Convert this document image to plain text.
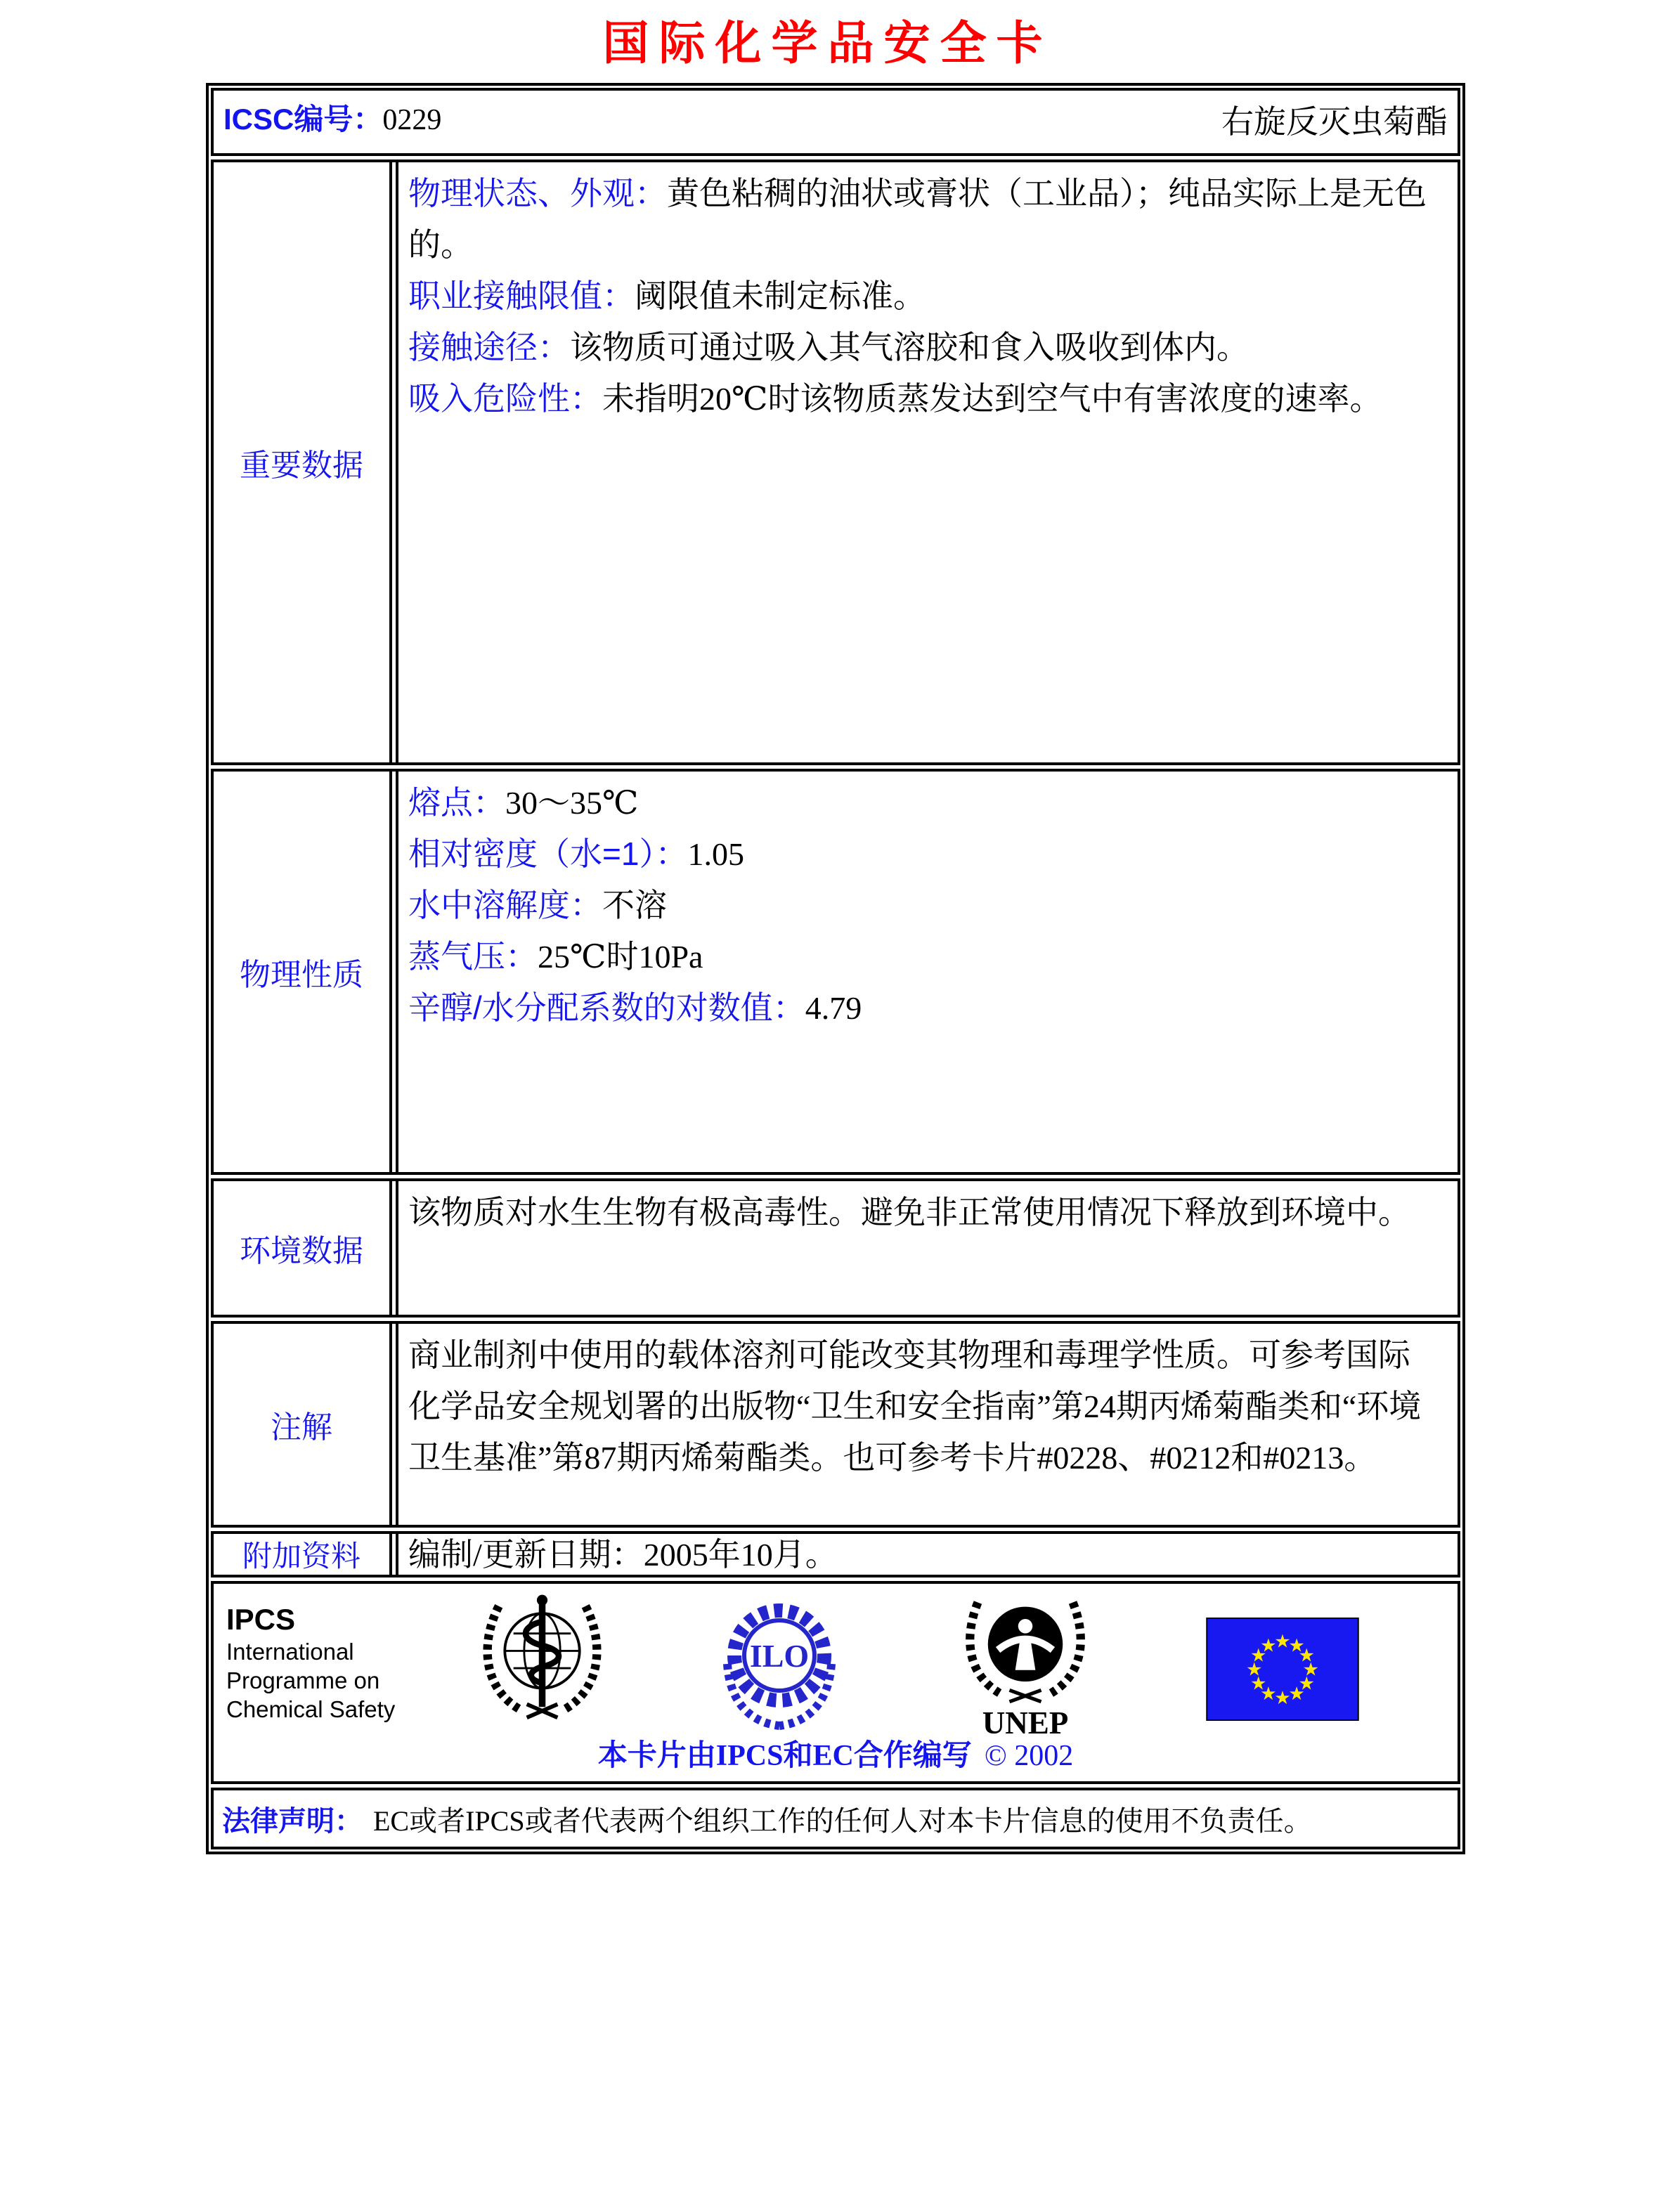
国际化学品安全卡
ICSC编号：0229	右旋反灭虫菊酯
重要数据
物理状态、外观：黄色粘稠的油状或膏状（工业品）；纯品实际上是无色的。
职业接触限值：阈限值未制定标准。
接触途径：该物质可通过吸入其气溶胶和食入吸收到体内。
吸入危险性：未指明20℃时该物质蒸发达到空气中有害浓度的速率。
物理性质
熔点：30～35℃
相对密度（水=1）：1.05
水中溶解度：不溶
蒸气压：25℃时10Pa
辛醇/水分配系数的对数值：4.79
环境数据
该物质对水生生物有极高毒性。避免非正常使用情况下释放到环境中。
注解
商业制剂中使用的载体溶剂可能改变其物理和毒理学性质。可参考国际化学品安全规划署的出版物“卫生和安全指南”第24期丙烯菊酯类和“环境卫生基准”第87期丙烯菊酯类。也可参考卡片#0228、#0212和#0213。
附加资料	编制/更新日期：2005年10月。
IPCS
International
Programme on
Chemical Safety
ILO
UNEP
★
★
★
★
★
★
★
★
★
★
★
★
本卡片由IPCS和EC合作编写 © 2002
法律声明： EC或者IPCS或者代表两个组织工作的任何人对本卡片信息的使用不负责任。
